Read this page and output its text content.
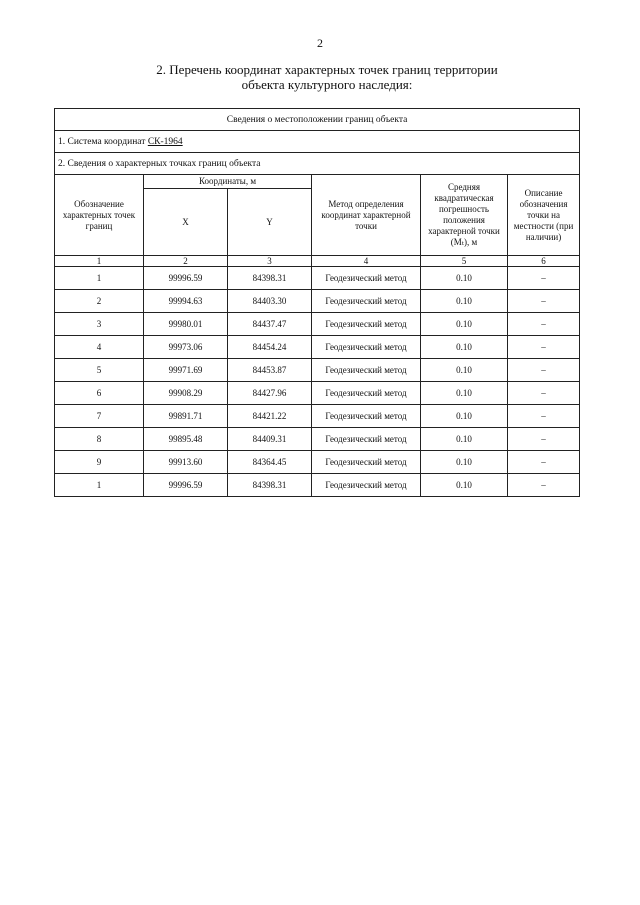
2
2. Перечень координат характерных точек границ территории
объекта культурного наследия:
Сведения о местоположении границ объекта					
1. Система координат СК-1964					
2. Сведения о характерных точках границ объекта					
Обозначение характерных точек границ	Координаты, м		Метод определения координат характерной точки	Средняя квадратическая погрешность положения характерной точки (Mₜ), м	Описание обозначения точки на местности (при наличии)
	X	Y			
1	2	3	4	5	6
1	99996.59	84398.31	Геодезический метод	0.10	–
2	99994.63	84403.30	Геодезический метод	0.10	–
3	99980.01	84437.47	Геодезический метод	0.10	–
4	99973.06	84454.24	Геодезический метод	0.10	–
5	99971.69	84453.87	Геодезический метод	0.10	–
6	99908.29	84427.96	Геодезический метод	0.10	–
7	99891.71	84421.22	Геодезический метод	0.10	–
8	99895.48	84409.31	Геодезический метод	0.10	–
9	99913.60	84364.45	Геодезический метод	0.10	–
1	99996.59	84398.31	Геодезический метод	0.10	–
